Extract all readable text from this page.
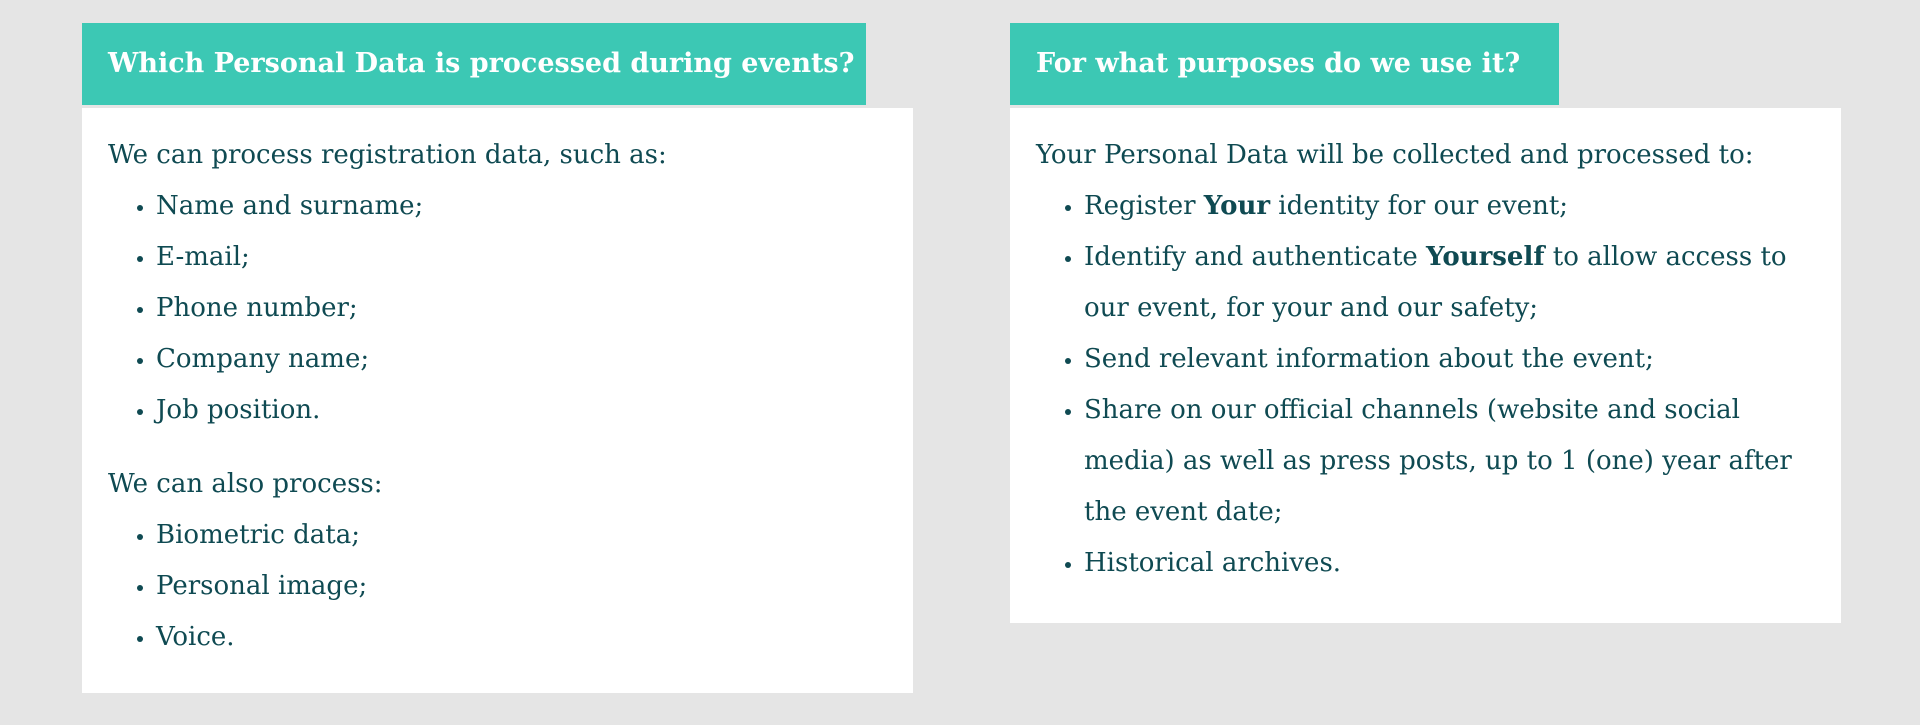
Which Personal Data is processed during events?

We can process registration data, such as:

• Name and surname;
• E-mail;
• Phone number;
• Company name;
• Job position.

We can also process:

• Biometric data;
• Personal image;
• Voice.
For what purposes do we use it?

Your Personal Data will be collected and processed to:

• Register Your identity for our event;
• Identify and authenticate Yourself to allow access to our event, for your and our safety;
• Send relevant information about the event;
• Share on our official channels (website and social media) as well as press posts, up to 1 (one) year after the event date;
• Historical archives.
